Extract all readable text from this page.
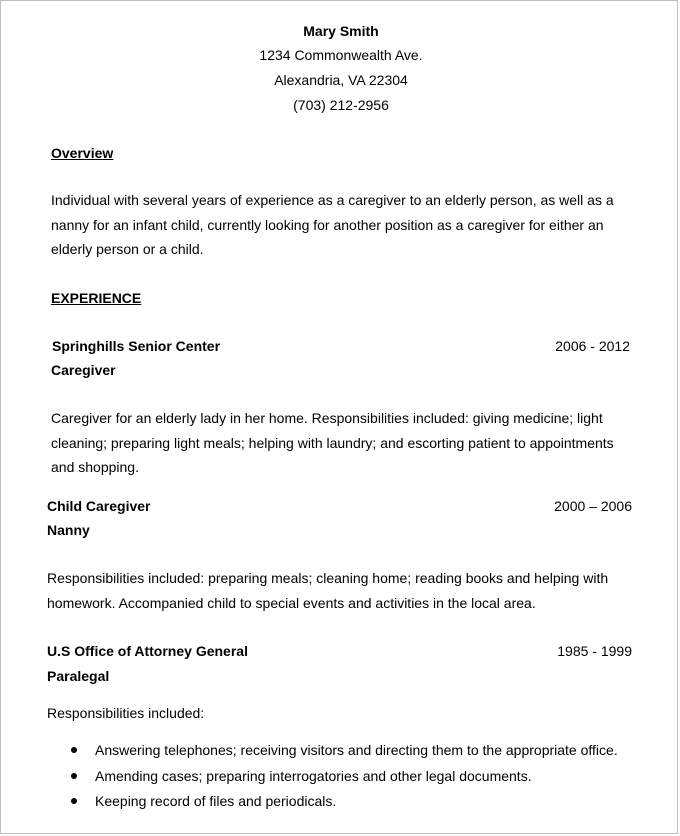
Mary Smith
1234 Commonwealth Ave.
Alexandria, VA 22304
(703) 212-2956
Overview
Individual with several years of experience as a caregiver to an elderly person, as well as a
nanny for an infant child, currently looking for another position as a caregiver for either an
elderly person or a child.
EXPERIENCE
Springhills Senior Center	2006 - 2012
Caregiver
Caregiver for an elderly lady in her home. Responsibilities included: giving medicine; light
cleaning; preparing light meals; helping with laundry; and escorting patient to appointments
and shopping.
Child Caregiver	2000 – 2006
Nanny
Responsibilities included: preparing meals; cleaning home; reading books and helping with
homework. Accompanied child to special events and activities in the local area.
U.S Office of Attorney General	1985 - 1999
Paralegal
Responsibilities included:
Answering telephones; receiving visitors and directing them to the appropriate office.
Amending cases; preparing interrogatories and other legal documents.
Keeping record of files and periodicals.
